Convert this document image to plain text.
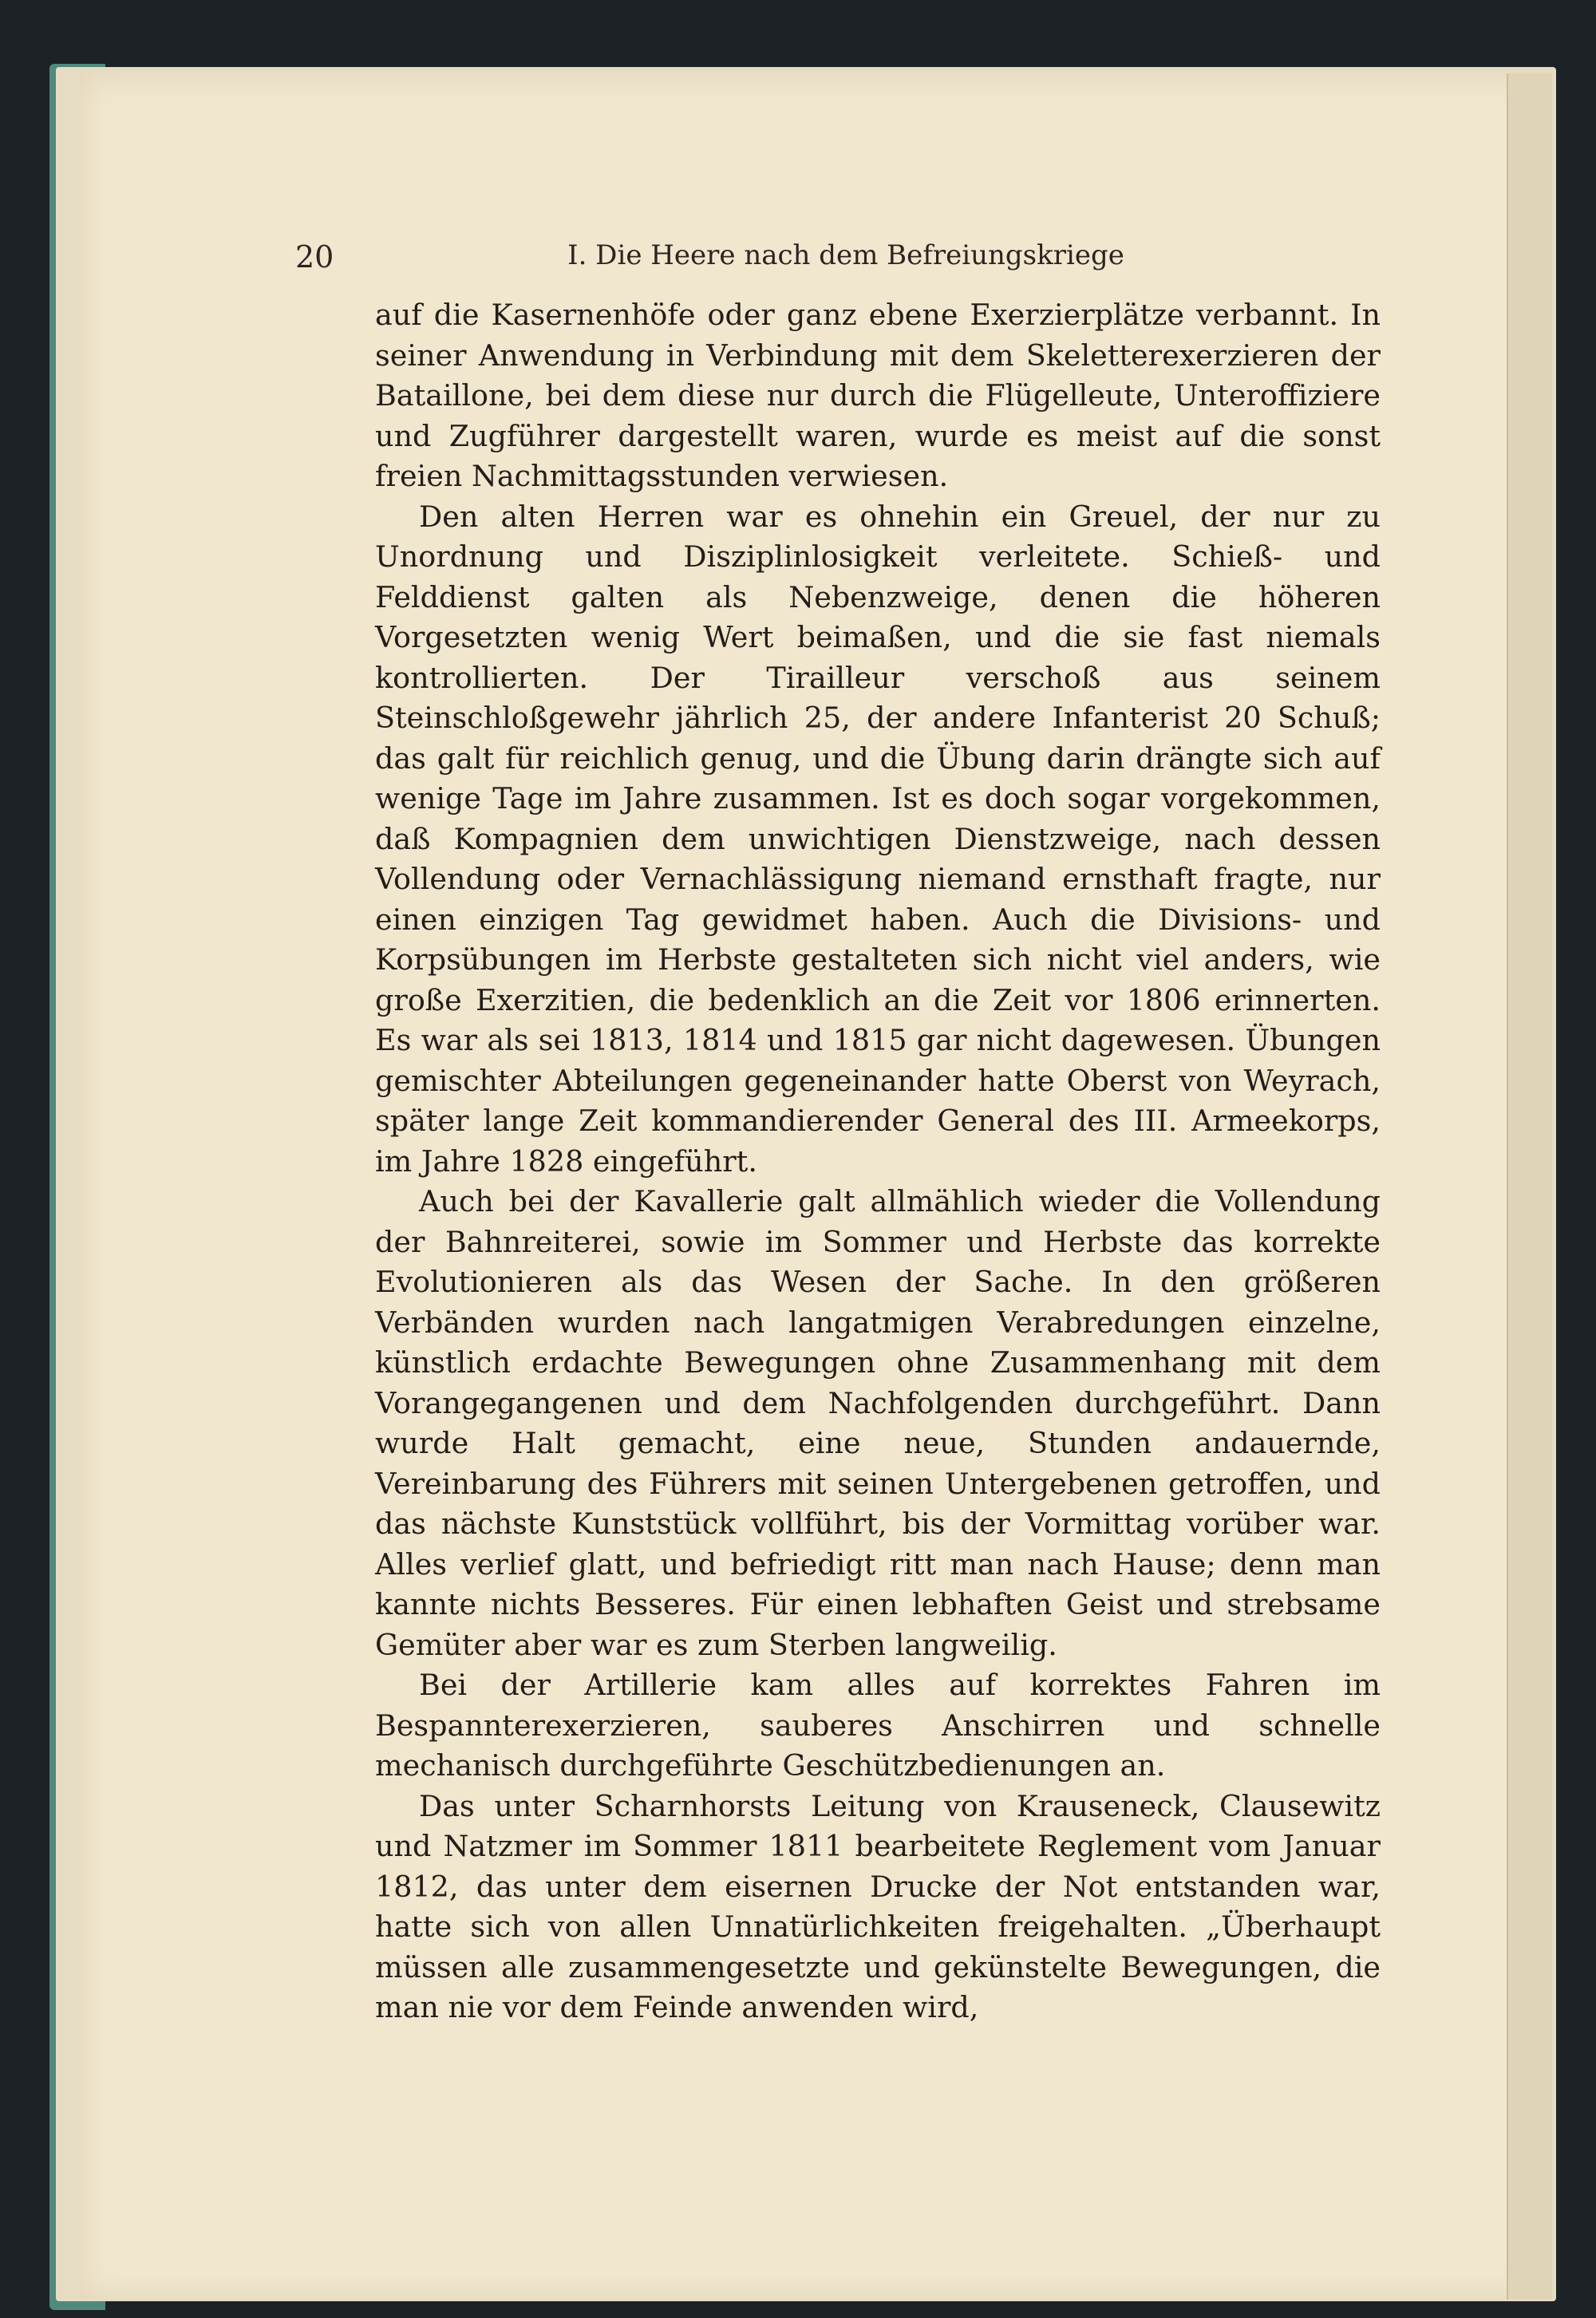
20	I. Die Heere nach dem Befreiungskriege

auf die Kasernenhöfe oder ganz ebene Exerzierplätze verbannt. In seiner Anwendung in Verbindung mit dem Skeletterexerzieren der Bataillone, bei dem diese nur durch die Flügelleute, Unteroffiziere und Zugführer dargestellt waren, wurde es meist auf die sonst freien Nachmittagsstunden verwiesen.

Den alten Herren war es ohnehin ein Greuel, der nur zu Unordnung und Disziplinlosigkeit verleitete. Schieß- und Felddienst galten als Nebenzweige, denen die höheren Vorgesetzten wenig Wert beimaßen, und die sie fast niemals kontrollierten. Der Tirailleur verschoß aus seinem Steinschloßgewehr jährlich 25, der andere Infanterist 20 Schuß; das galt für reichlich genug, und die Übung darin drängte sich auf wenige Tage im Jahre zusammen. Ist es doch sogar vorgekommen, daß Kompagnien dem unwichtigen Dienstzweige, nach dessen Vollendung oder Vernachlässigung niemand ernsthaft fragte, nur einen einzigen Tag gewidmet haben. Auch die Divisions- und Korpsübungen im Herbste gestalteten sich nicht viel anders, wie große Exerzitien, die bedenklich an die Zeit vor 1806 erinnerten. Es war als sei 1813, 1814 und 1815 gar nicht dagewesen. Übungen gemischter Abteilungen gegeneinander hatte Oberst von Weyrach, später lange Zeit kommandierender General des III. Armeekorps, im Jahre 1828 eingeführt.

Auch bei der Kavallerie galt allmählich wieder die Vollendung der Bahnreiterei, sowie im Sommer und Herbste das korrekte Evolutionieren als das Wesen der Sache. In den größeren Verbänden wurden nach langatmigen Verabredungen einzelne, künstlich erdachte Bewegungen ohne Zusammenhang mit dem Vorangegangenen und dem Nachfolgenden durchgeführt. Dann wurde Halt gemacht, eine neue, Stunden andauernde, Vereinbarung des Führers mit seinen Untergebenen getroffen, und das nächste Kunststück vollführt, bis der Vormittag vorüber war. Alles verlief glatt, und befriedigt ritt man nach Hause; denn man kannte nichts Besseres. Für einen lebhaften Geist und strebsame Gemüter aber war es zum Sterben langweilig.

Bei der Artillerie kam alles auf korrektes Fahren im Bespannterexerzieren, sauberes Anschirren und schnelle mechanisch durchgeführte Geschützbedienungen an.

Das unter Scharnhorsts Leitung von Krauseneck, Clausewitz und Natzmer im Sommer 1811 bearbeitete Reglement vom Januar 1812, das unter dem eisernen Drucke der Not entstanden war, hatte sich von allen Unnatürlichkeiten freigehalten. „Überhaupt müssen alle zusammengesetzte und gekünstelte Bewegungen, die man nie vor dem Feinde anwenden wird,
